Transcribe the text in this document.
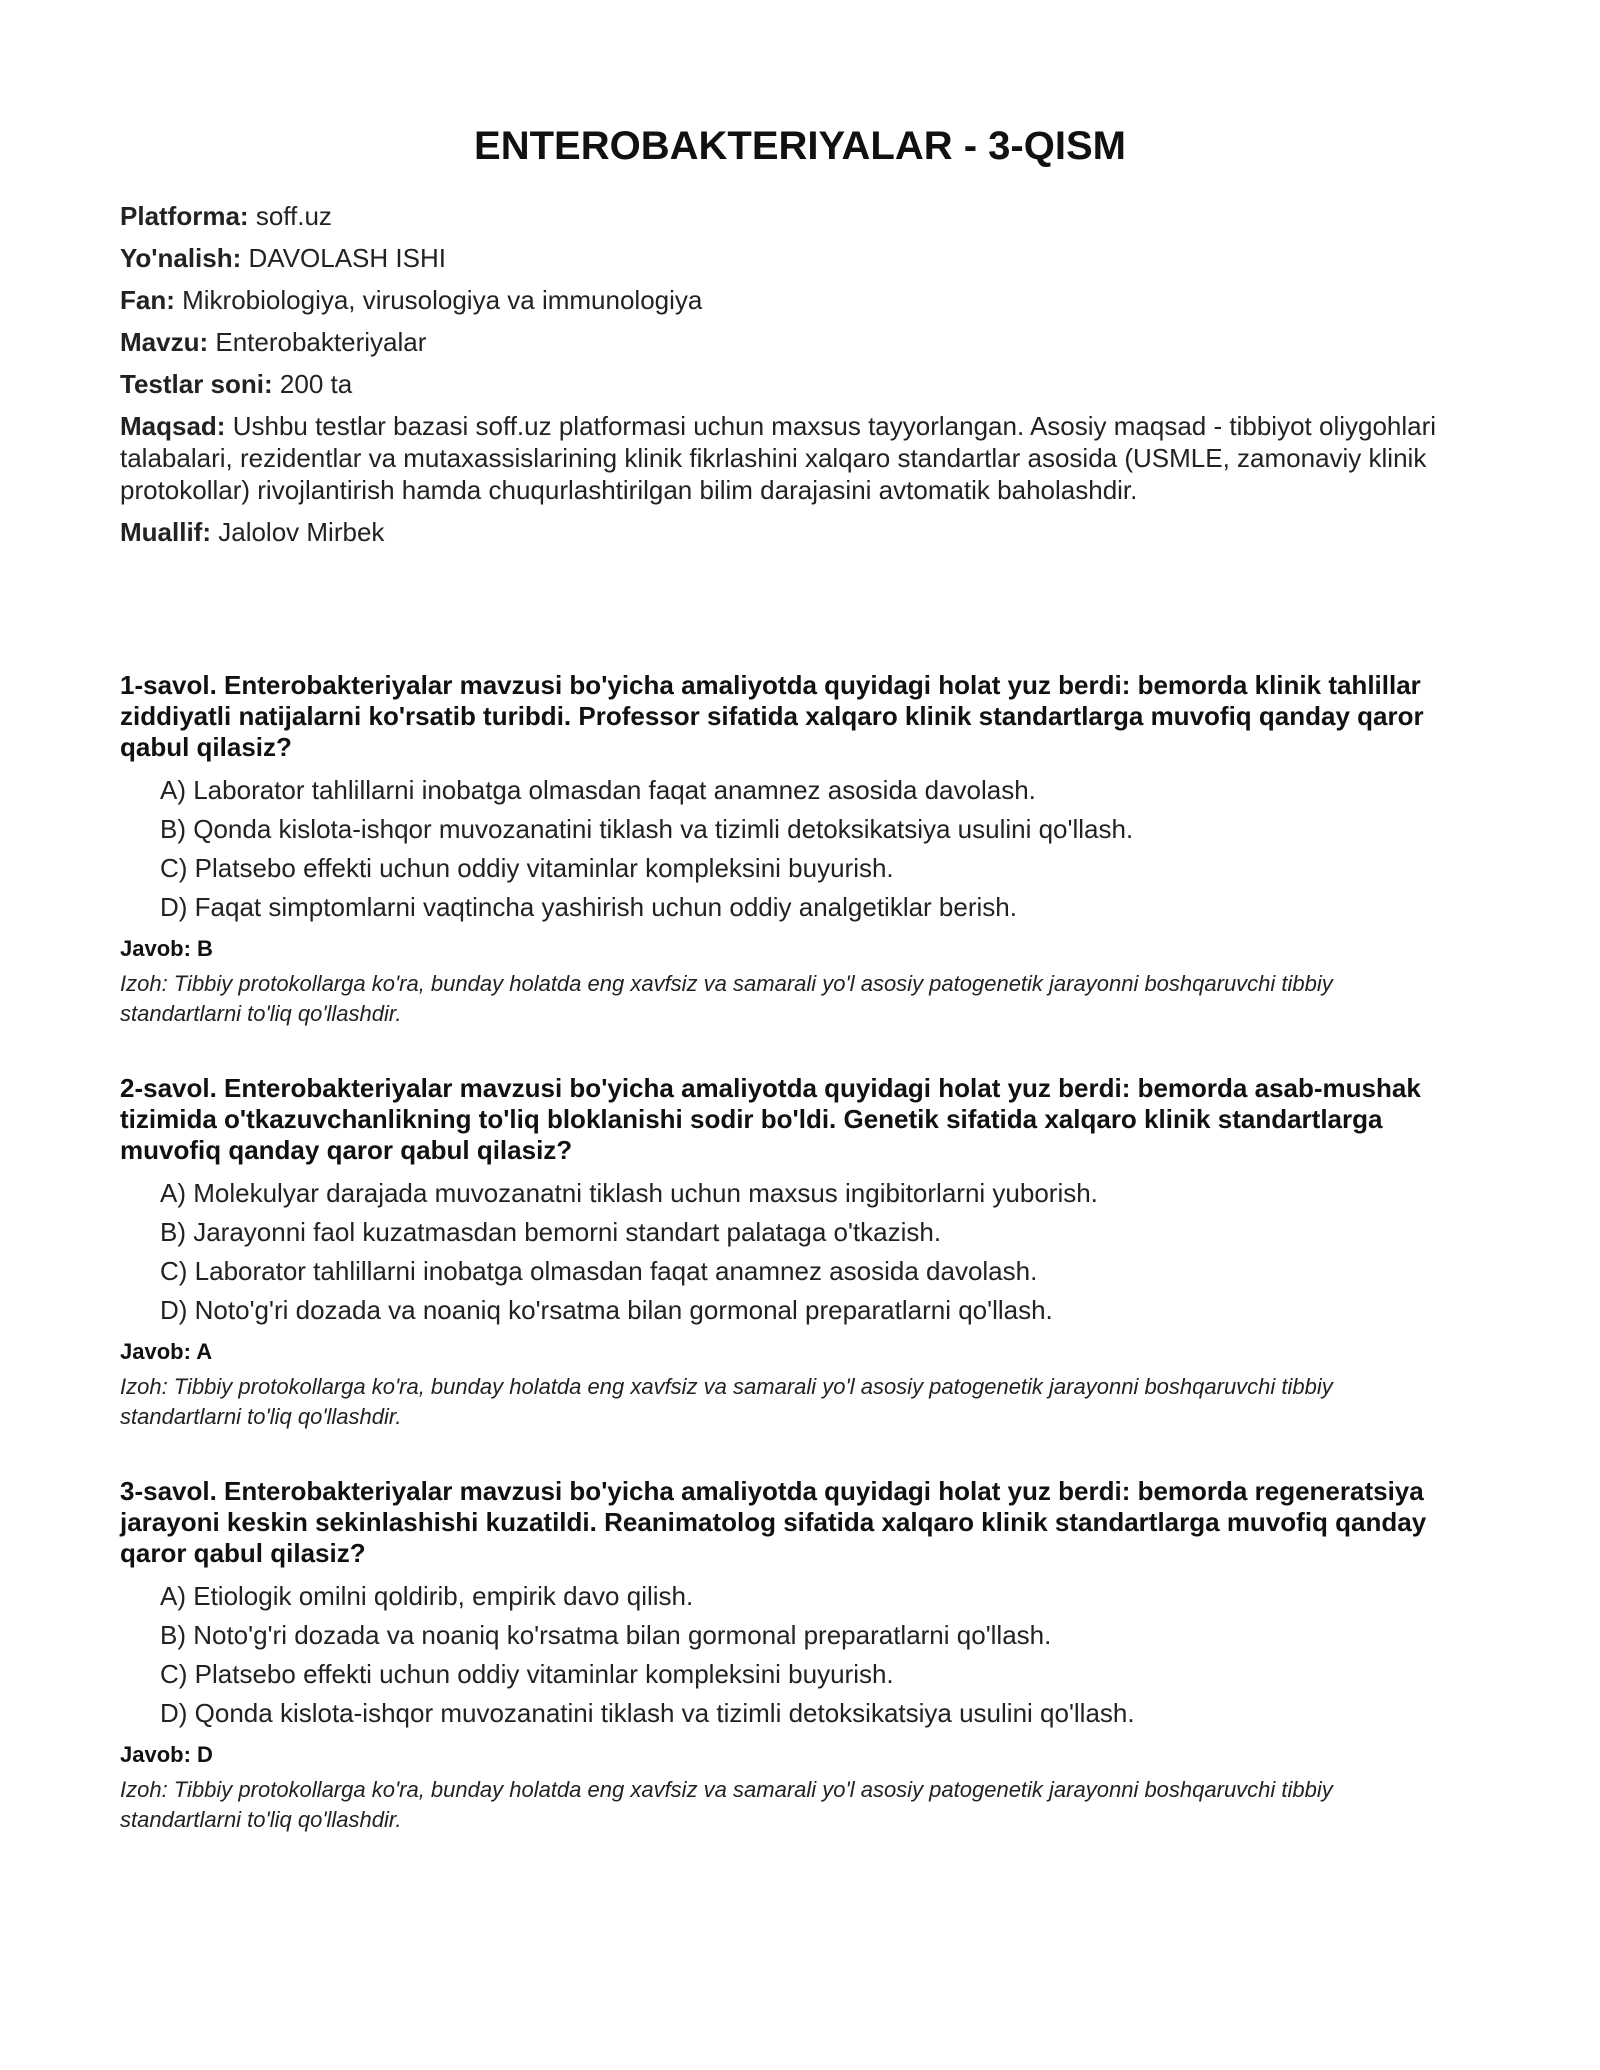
ENTEROBAKTERIYALAR - 3-QISM

Platforma: soff.uz

Yo'nalish: DAVOLASH ISHI

Fan: Mikrobiologiya, virusologiya va immunologiya

Mavzu: Enterobakteriyalar

Testlar soni: 200 ta

Maqsad: Ushbu testlar bazasi soff.uz platformasi uchun maxsus tayyorlangan. Asosiy maqsad - tibbiyot oliygohlari talabalari, rezidentlar va mutaxassislarining klinik fikrlashini xalqaro standartlar asosida (USMLE, zamonaviy klinik protokollar) rivojlantirish hamda chuqurlashtirilgan bilim darajasini avtomatik baholashdir.

Muallif: Jalolov Mirbek

1-savol. Enterobakteriyalar mavzusi bo'yicha amaliyotda quyidagi holat yuz berdi: bemorda klinik tahlillar ziddiyatli natijalarni ko'rsatib turibdi. Professor sifatida xalqaro klinik standartlarga muvofiq qanday qaror qabul qilasiz?

A) Laborator tahlillarni inobatga olmasdan faqat anamnez asosida davolash.
B) Qonda kislota-ishqor muvozanatini tiklash va tizimli detoksikatsiya usulini qo'llash.
C) Platsebo effekti uchun oddiy vitaminlar kompleksini buyurish.
D) Faqat simptomlarni vaqtincha yashirish uchun oddiy analgetiklar berish.

Javob: B

Izoh: Tibbiy protokollarga ko'ra, bunday holatda eng xavfsiz va samarali yo'l asosiy patogenetik jarayonni boshqaruvchi tibbiy standartlarni to'liq qo'llashdir.

2-savol. Enterobakteriyalar mavzusi bo'yicha amaliyotda quyidagi holat yuz berdi: bemorda asab-mushak tizimida o'tkazuvchanlikning to'liq bloklanishi sodir bo'ldi. Genetik sifatida xalqaro klinik standartlarga muvofiq qanday qaror qabul qilasiz?

A) Molekulyar darajada muvozanatni tiklash uchun maxsus ingibitorlarni yuborish.
B) Jarayonni faol kuzatmasdan bemorni standart palataga o'tkazish.
C) Laborator tahlillarni inobatga olmasdan faqat anamnez asosida davolash.
D) Noto'g'ri dozada va noaniq ko'rsatma bilan gormonal preparatlarni qo'llash.

Javob: A

Izoh: Tibbiy protokollarga ko'ra, bunday holatda eng xavfsiz va samarali yo'l asosiy patogenetik jarayonni boshqaruvchi tibbiy standartlarni to'liq qo'llashdir.

3-savol. Enterobakteriyalar mavzusi bo'yicha amaliyotda quyidagi holat yuz berdi: bemorda regeneratsiya jarayoni keskin sekinlashishi kuzatildi. Reanimatolog sifatida xalqaro klinik standartlarga muvofiq qanday qaror qabul qilasiz?

A) Etiologik omilni qoldirib, empirik davo qilish.
B) Noto'g'ri dozada va noaniq ko'rsatma bilan gormonal preparatlarni qo'llash.
C) Platsebo effekti uchun oddiy vitaminlar kompleksini buyurish.
D) Qonda kislota-ishqor muvozanatini tiklash va tizimli detoksikatsiya usulini qo'llash.

Javob: D

Izoh: Tibbiy protokollarga ko'ra, bunday holatda eng xavfsiz va samarali yo'l asosiy patogenetik jarayonni boshqaruvchi tibbiy standartlarni to'liq qo'llashdir.
